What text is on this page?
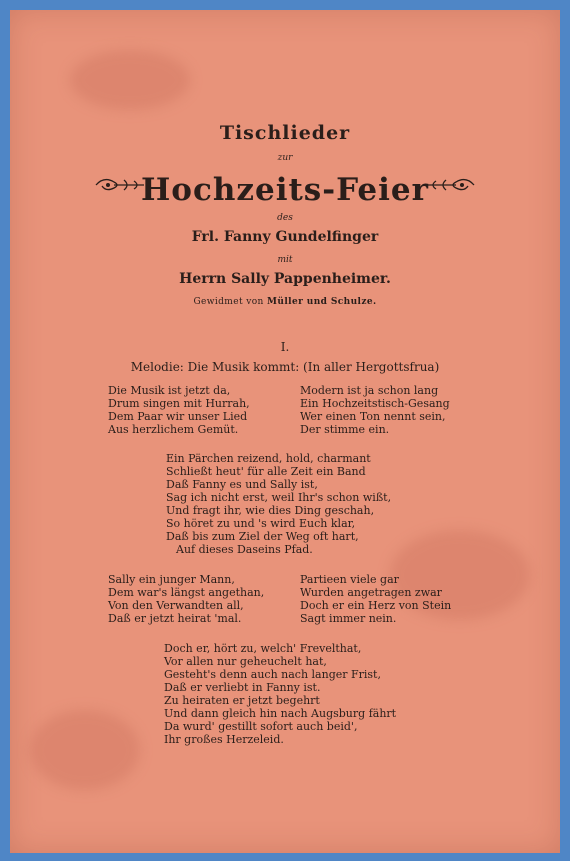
Tischlieder
zur
Hochzeits-Feier
des
Frl. Fanny Gundelfinger
mit
Herrn Sally Pappenheimer.
Gewidmet von Müller und Schulze.
I.
Melodie: Die Musik kommt: (In aller Hergottsfrua)
Die Musik ist jetzt da,
Drum singen mit Hurrah,
Dem Paar wir unser Lied
Aus herzlichem Gemüt.
Modern ist ja schon lang
Ein Hochzeitstisch-Gesang
Wer einen Ton nennt sein,
Der stimme ein.
Ein Pärchen reizend, hold, charmant
Schließt heut' für alle Zeit ein Band
Daß Fanny es und Sally ist,
Sag ich nicht erst, weil Ihr's schon wißt,
Und fragt ihr, wie dies Ding geschah,
So höret zu und 's wird Euch klar,
Daß bis zum Ziel der Weg oft hart,
Auf dieses Daseins Pfad.
Sally ein junger Mann,
Dem war's längst angethan,
Von den Verwandten all,
Daß er jetzt heirat 'mal.
Partieen viele gar
Wurden angetragen zwar
Doch er ein Herz von Stein
Sagt immer nein.
Doch er, hört zu, welch' Frevelthat,
Vor allen nur geheuchelt hat,
Gesteht's denn auch nach langer Frist,
Daß er verliebt in Fanny ist.
Zu heiraten er jetzt begehrt
Und dann gleich hin nach Augsburg fährt
Da wurd' gestillt sofort auch beid',
Ihr großes Herzeleid.
